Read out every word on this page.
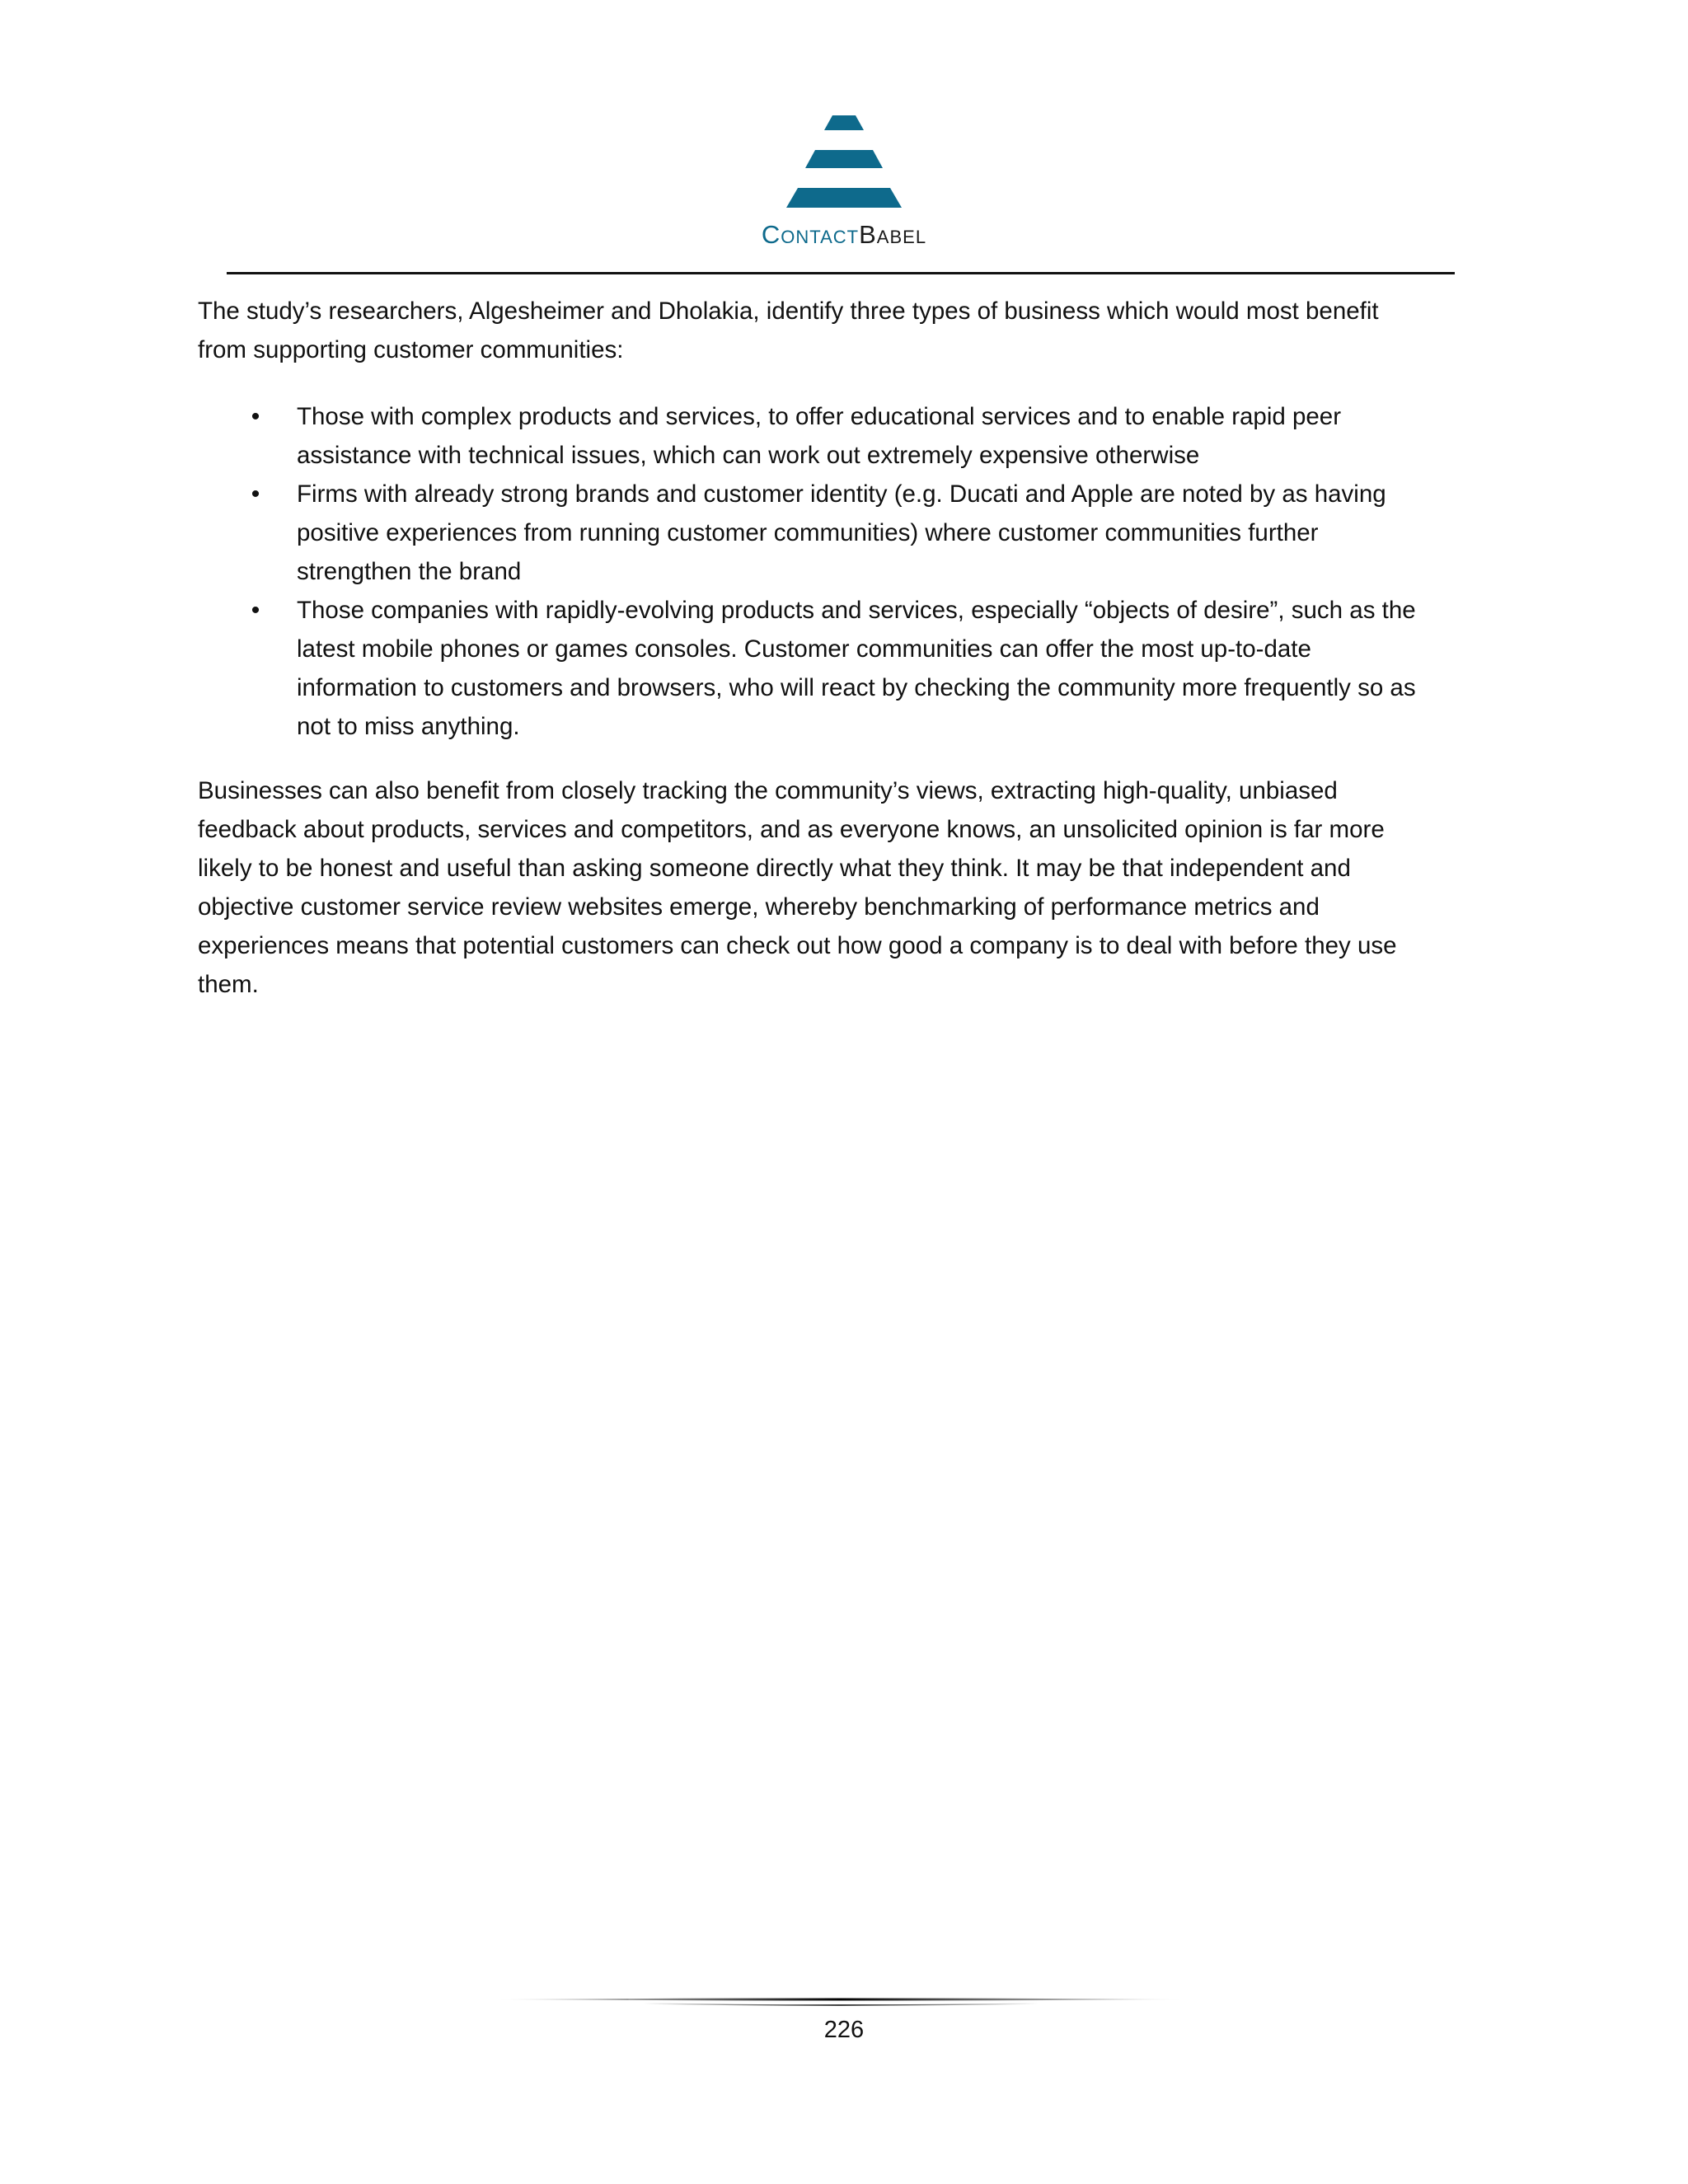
ContactBabel

The study’s researchers, Algesheimer and Dholakia, identify three types of business which would most benefit
from supporting customer communities:

• Those with complex products and services, to offer educational services and to enable rapid peer
assistance with technical issues, which can work out extremely expensive otherwise
• Firms with already strong brands and customer identity (e.g. Ducati and Apple are noted by as having
positive experiences from running customer communities) where customer communities further
strengthen the brand
• Those companies with rapidly-evolving products and services, especially “objects of desire”, such as the
latest mobile phones or games consoles. Customer communities can offer the most up-to-date
information to customers and browsers, who will react by checking the community more frequently so as
not to miss anything.

Businesses can also benefit from closely tracking the community’s views, extracting high-quality, unbiased
feedback about products, services and competitors, and as everyone knows, an unsolicited opinion is far more
likely to be honest and useful than asking someone directly what they think. It may be that independent and
objective customer service review websites emerge, whereby benchmarking of performance metrics and
experiences means that potential customers can check out how good a company is to deal with before they use
them.

226
